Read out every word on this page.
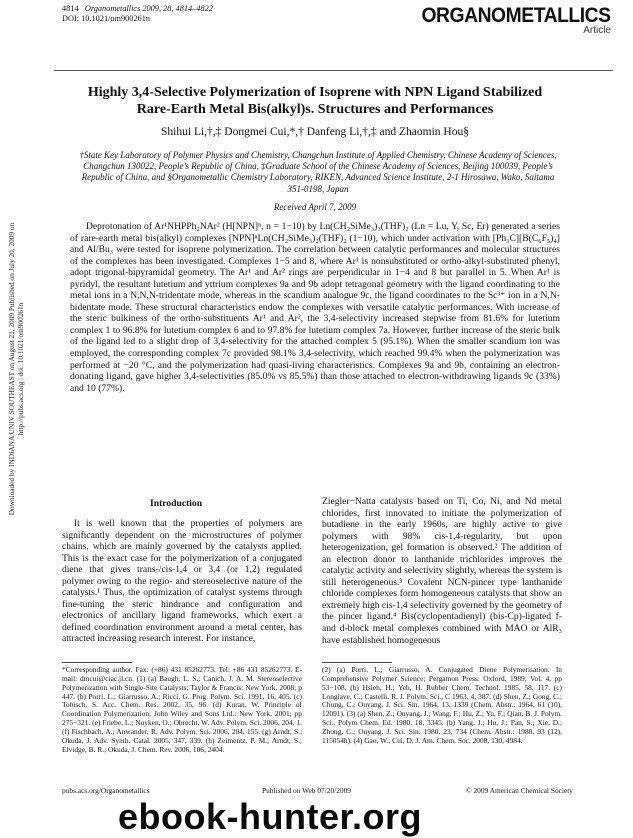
4814 Organometallics 2009, 28, 4814–4822
DOI: 10.1021/om900261n	ORGANOMETALLICS
Article
Highly 3,4-Selective Polymerization of Isoprene with NPN Ligand Stabilized Rare-Earth Metal Bis(alkyl)s. Structures and Performances
Shihui Li,†,‡ Dongmei Cui,*,† Danfeng Li,†,‡ and Zhaomin Hou§
†State Key Laboratory of Polymer Physics and Chemistry, Changchun Institute of Applied Chemistry, Chinese Academy of Sciences, Changchun 130022, People’s Republic of China, ‡Graduate School of the Chinese Academy of Sciences, Beijing 100039, People’s Republic of China, and §Organometallic Chemistry Laboratory, RIKEN, Advanced Science Institute, 2-1 Hirosawa, Wako, Saitama 351-0198, Japan
Received April 7, 2009
Deprotonation of Ar¹NHPPh₂NAr² (H[NPN]ⁿ, n = 1−10) by Ln(CH₂SiMe₃)₃(THF)₂ (Ln = Lu, Y, Sc, Er) generated a series of rare-earth metal bis(alkyl) complexes [NPN]ⁿLn(CH₂SiMe₃)₂(THF)₂ (1−10), which under activation with [Ph₃C][B(C₆F₅)₄] and Al/Bu₃ were tested for isoprene polymerization. The correlation between catalytic performances and molecular structures of the complexes has been investigated. Complexes 1−5 and 8, where Ar¹ is nonsubstituted or ortho-alkyl-substituted phenyl, adopt trigonal-bipyramidal geometry. The Ar¹ and Ar² rings are perpendicular in 1−4 and 8 but parallel in 5. When Ar¹ is pyridyl, the resultant lutetium and yttrium complexes 9a and 9b adopt tetragonal geometry with the ligand coordinating to the metal ions in a N,N,N-tridentate mode, whereas in the scandium analogue 9c, the ligand coordinates to the Sc³⁺ ion in a N,N-bidentate mode. These structural characteristics endow the complexes with versatile catalytic performances. With increase of the steric bulkiness of the ortho-substituents Ar¹ and Ar², the 3,4-selectivity increased stepwise from 81.6% for lutetium complex 1 to 96.8% for lutetium complex 6 and to 97.8% for lutetium complex 7a. However, further increase of the steric bulk of the ligand led to a slight drop of 3,4-selectivity for the attached complex 5 (95.1%). When the smaller scandium ion was employed, the corresponding complex 7c provided 98.1% 3,4-selectivity, which reached 99.4% when the polymerization was performed at −20 °C, and the polymerization had quasi-living characteristics. Complexes 9a and 9b, containing an electron-donating ligand, gave higher 3,4-selectivities (85.0% vs 85.5%) than those attached to electron-withdrawing ligands 9c (33%) and 10 (77%).
Introduction
It is well known that the properties of polymers are significantly dependent on the microstructures of polymer chains, which are mainly governed by the catalysts applied. This is the exact case for the polymerization of a conjugated diene that gives trans-/cis-1,4 or 3,4 (or 1,2) regulated polymer owing to the regio- and stereoselective nature of the catalysts.¹ Thus, the optimization of catalyst systems through fine-tuning the steric hindrance and configuration and electronics of ancillary ligand frameworks, which exert a defined coordination environment around a metal center, has attracted increasing research interest. For instance,
Ziegler−Natta catalysts based on Ti, Co, Ni, and Nd metal chlorides, first innovated to initiate the polymerization of butadiene in the early 1960s, are highly active to give polymers with 98% cis-1,4-regularity, but upon heterogenization, gel formation is observed.² The addition of an electron donor to lanthanide trichlorides improves the catalytic activity and selectivity slightly, whereas the system is still heterogeneous.³ Covalent NCN-pincer type lanthanide chloride complexes form homogeneous catalysts that show an extremely high cis-1,4 selectivity governed by the geometry of the pincer ligand.⁴ Bis(cyclopentadienyl) (bis-Cp)-ligated f- and d-block metal complexes combined with MAO or AlR₃ have established homogeneous
*Corresponding author. Fax: (+86) 431 85262773. Tel: +86 431 85262773. E-mail: dmcui@ciac.jl.cn. (1) (a) Baugh, L. S.; Canich, J. A. M. Stereoselective Polymerization with Single-Site Catalysts; Taylor & Francis: New York, 2008; p 447. (b) Porri, L.; Giarrusso, A.; Ricci, G. Prog. Polym. Sci. 1991, 16, 405. (c) Tobisch, S. Acc. Chem. Res. 2002, 35, 96. (d) Kuran, W. Principle of Coordination Polymerization; John Wiley and Sons Ltd.: New York, 2001; pp 275−321. (e) Friebe, L.; Nuyken, O.; Obrecht, W. Adv. Polym. Sci. 2006, 204, 1. (f) Fischbach, A.; Anwander, R. Adv. Polym. Sci. 2006, 204, 155. (g) Arndt, S.; Okuda, J. Adv. Synth. Catal. 2005, 347, 339. (h) Zeimentz, P. M.; Arndt, S.; Elvidge, B. R.; Okuda, J. Chem. Rev. 2006, 106, 2404.
(2) (a) Porri, L.; Giarrusso, A. Conjugated Diene Polymerisation. In Comprehensive Polymer Science; Pergamon Press: Oxford, 1989; Vol. 4, pp 53−108. (b) Hsieh, H.; Yeh, H. Rubber Chem. Technol. 1985, 58, 117. (c) Longiave, C.; Castelli, R. J. Polym. Sci., C 1963, 4, 387. (d) Shen, Z.; Gong, C.; Chung, C.; Ouyang, J. Sci. Sin. 1964, 13, 1339 (Chem. Abstr.: 1964, 61 (10), 12091). (3) (a) Shen, Z.; Ouyang, J.; Wang, F.; Hu, Z.; Yu, F.; Qian, B. J. Polym. Sci., Polym Chem. Ed. 1980, 18, 3345. (b) Yang, J.; Hu, J.; Pan, S.; Xie, D.; Zhong, C.; Ouyang, J. Sci. Sin. 1980, 23, 734 (Chem. Abstr.: 1980, 93 (12), 115054h). (4) Gao, W.; Cui, D. J. Am. Chem. Soc. 2008, 130, 4984.
pubs.acs.org/Organometallics	Published on Web 07/20/2009	© 2009 American Chemical Society
Downloaded by INDIANA UNIV SOUTHEAST on August 21, 2009 Published on July 20, 2009 on http://pubs.acs.org | doi: 10.1021/om900261n
ebook-hunter.org
